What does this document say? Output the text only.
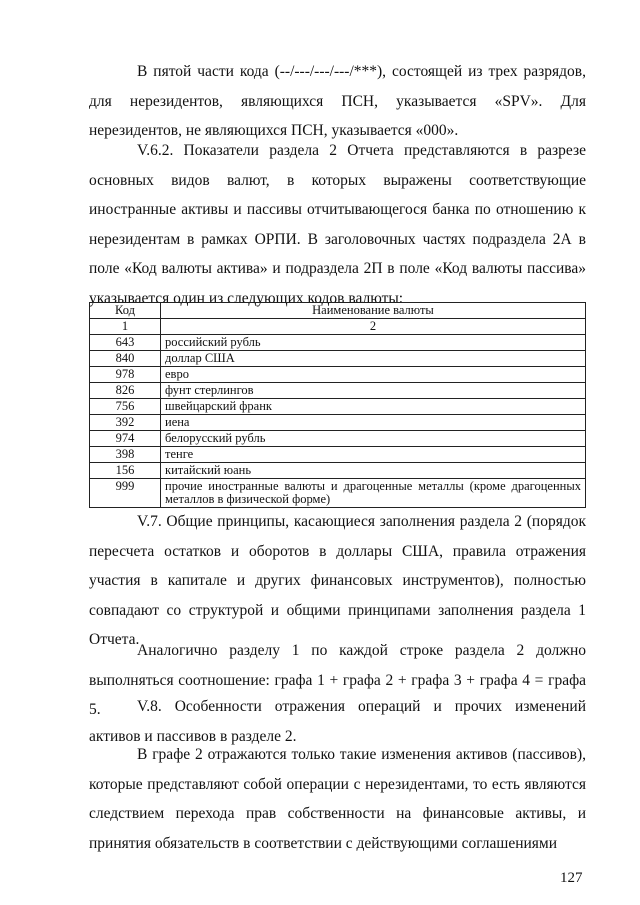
В пятой части кода (--/---/---/---/***), состоящей из трех разрядов, для нерезидентов, являющихся ПСН, указывается «SPV». Для нерезидентов, не являющихся ПСН, указывается «000».

V.6.2. Показатели раздела 2 Отчета представляются в разрезе основных видов валют, в которых выражены соответствующие иностранные активы и пассивы отчитывающегося банка по отношению к нерезидентам в рамках ОРПИ. В заголовочных частях подраздела 2А в поле «Код валюты актива» и подраздела 2П в поле «Код валюты пассива» указывается один из следующих кодов валюты:

Код	Наименование валюты
1	2
643	российский рубль
840	доллар США
978	евро
826	фунт стерлингов
756	швейцарский франк
392	иена
974	белорусский рубль
398	тенге
156	китайский юань
999	прочие иностранные валюты и драгоценные металлы (кроме драгоценных металлов в физической форме)

V.7. Общие принципы, касающиеся заполнения раздела 2 (порядок пересчета остатков и оборотов в доллары США, правила отражения участия в капитале и других финансовых инструментов), полностью совпадают со структурой и общими принципами заполнения раздела 1 Отчета.

Аналогично разделу 1 по каждой строке раздела 2 должно выполняться соотношение: графа 1 + графа 2 + графа 3 + графа 4 = графа 5.	V.8. Особенности отражения операций и прочих изменений активов и пассивов в разделе 2.

В графе 2 отражаются только такие изменения активов (пассивов), которые представляют собой операции с нерезидентами, то есть являются следствием перехода прав собственности на финансовые активы, и принятия обязательств в соответствии с действующими соглашениями

127
